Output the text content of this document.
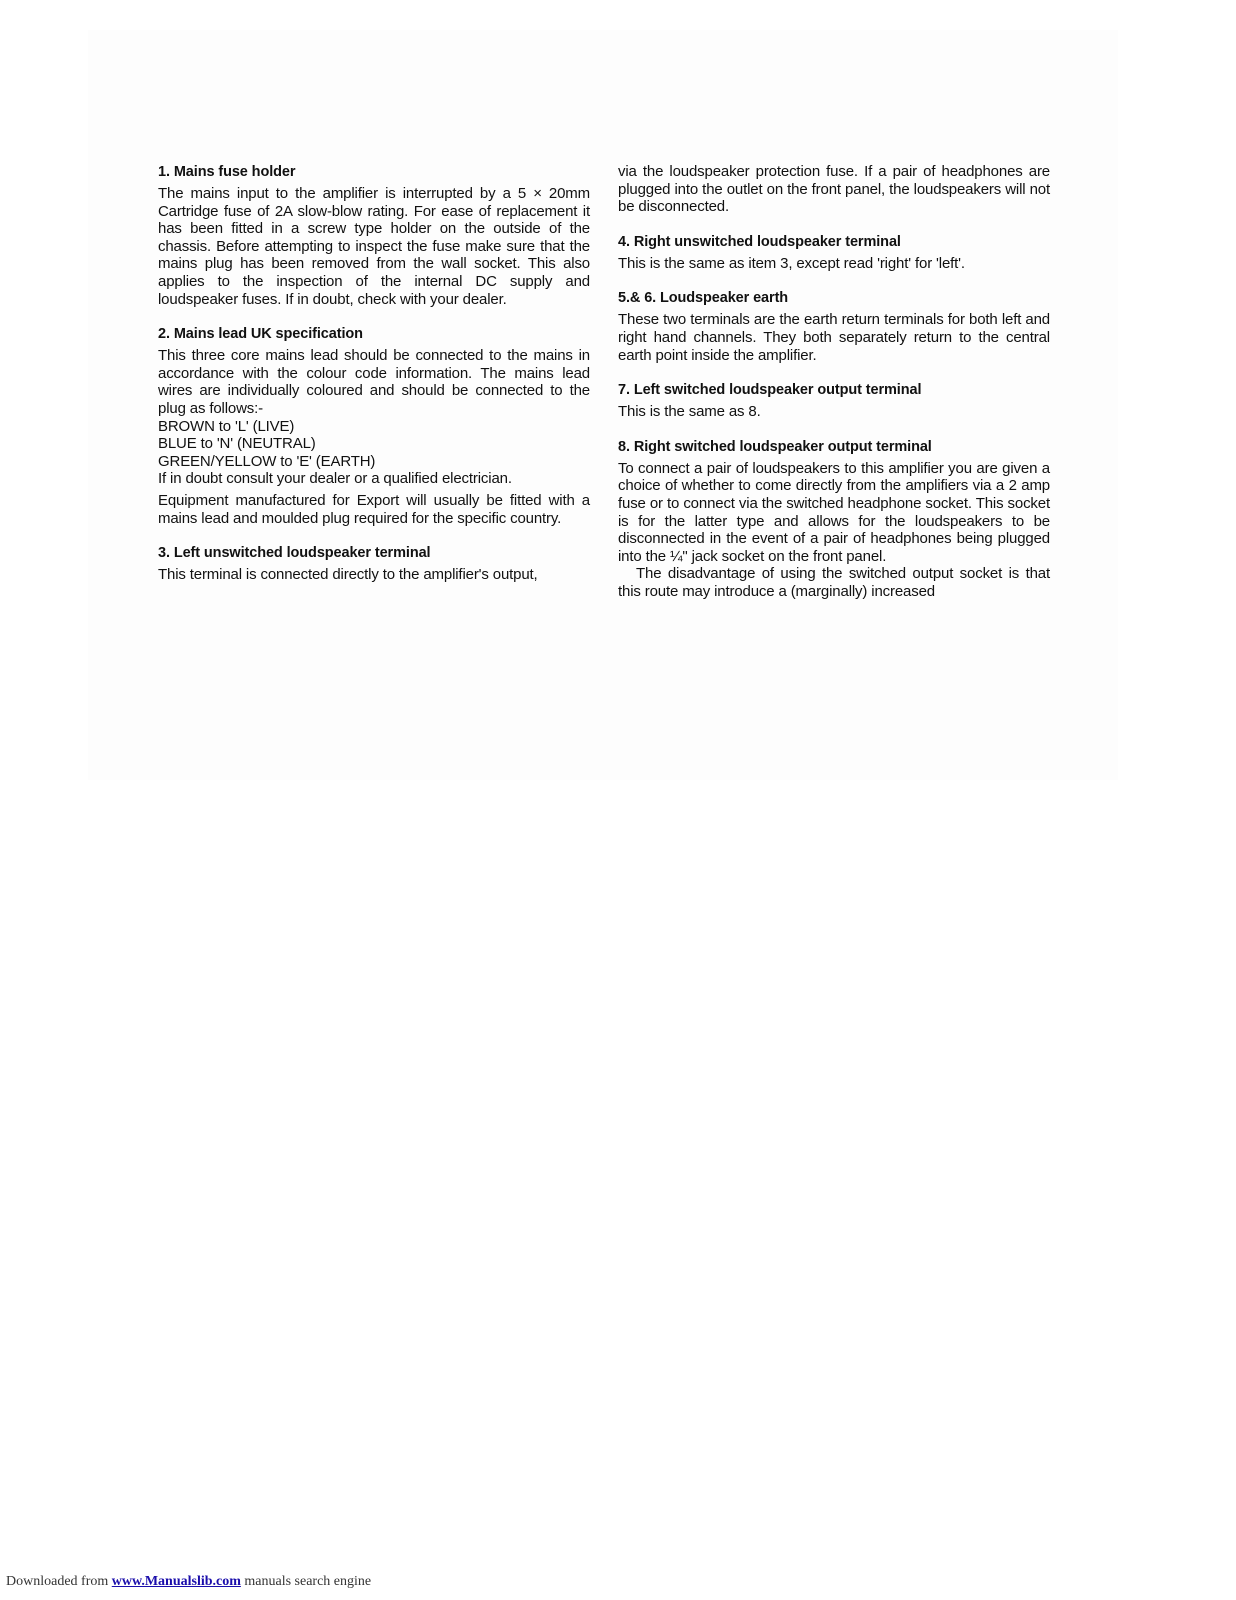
1. Mains fuse holder

The mains input to the amplifier is interrupted by a 5 × 20mm Cartridge fuse of 2A slow-blow rating. For ease of replacement it has been fitted in a screw type holder on the outside of the chassis. Before attempting to inspect the fuse make sure that the mains plug has been removed from the wall socket. This also applies to the inspection of the internal DC supply and loudspeaker fuses. If in doubt, check with your dealer.

2. Mains lead UK specification

This three core mains lead should be connected to the mains in accordance with the colour code information. The mains lead wires are individually coloured and should be connected to the plug as follows:-

BROWN to 'L' (LIVE)

BLUE to 'N' (NEUTRAL)

GREEN/YELLOW to 'E' (EARTH)

If in doubt consult your dealer or a qualified electrician.

Equipment manufactured for Export will usually be fitted with a mains lead and moulded plug required for the specific country.

3. Left unswitched loudspeaker terminal

This terminal is connected directly to the amplifier's output,

via the loudspeaker protection fuse. If a pair of headphones are plugged into the outlet on the front panel, the loudspeakers will not be disconnected.

4. Right unswitched loudspeaker terminal

This is the same as item 3, except read 'right' for 'left'.

5.& 6. Loudspeaker earth

These two terminals are the earth return terminals for both left and right hand channels. They both separately return to the central earth point inside the amplifier.

7. Left switched loudspeaker output terminal

This is the same as 8.

8. Right switched loudspeaker output terminal

To connect a pair of loudspeakers to this amplifier you are given a choice of whether to come directly from the amplifiers via a 2 amp fuse or to connect via the switched headphone socket. This socket is for the latter type and allows for the loudspeakers to be disconnected in the event of a pair of headphones being plugged into the ¼" jack socket on the front panel.

The disadvantage of using the switched output socket is that this route may introduce a (marginally) increased

Downloaded from www.Manualslib.com manuals search engine
